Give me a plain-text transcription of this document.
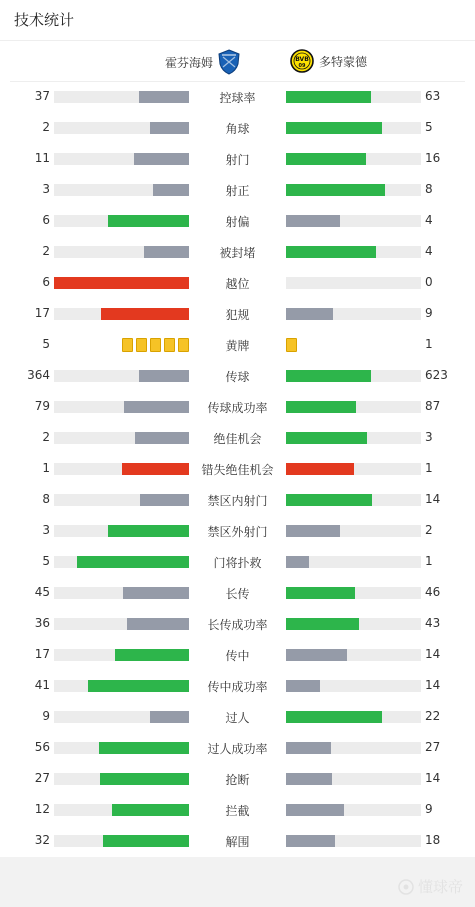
技术统计
霍芬海姆	BVB
09 多特蒙德
37	控球率	63
2	角球	5
11	射门	16
3	射正	8
6	射偏	4
2	被封堵	4
6	越位	0
17	犯规	9
5	黄牌	1
364	传球	623
79	传球成功率	87
2	绝佳机会	3
1	错失绝佳机会	1
8	禁区内射门	14
3	禁区外射门	2
5	门将扑救	1
45	长传	46
36	长传成功率	43
17	传中	14
41	传中成功率	14
9	过人	22
56	过人成功率	27
27	抢断	14
12	拦截	9
32	解围	18
懂球帝
